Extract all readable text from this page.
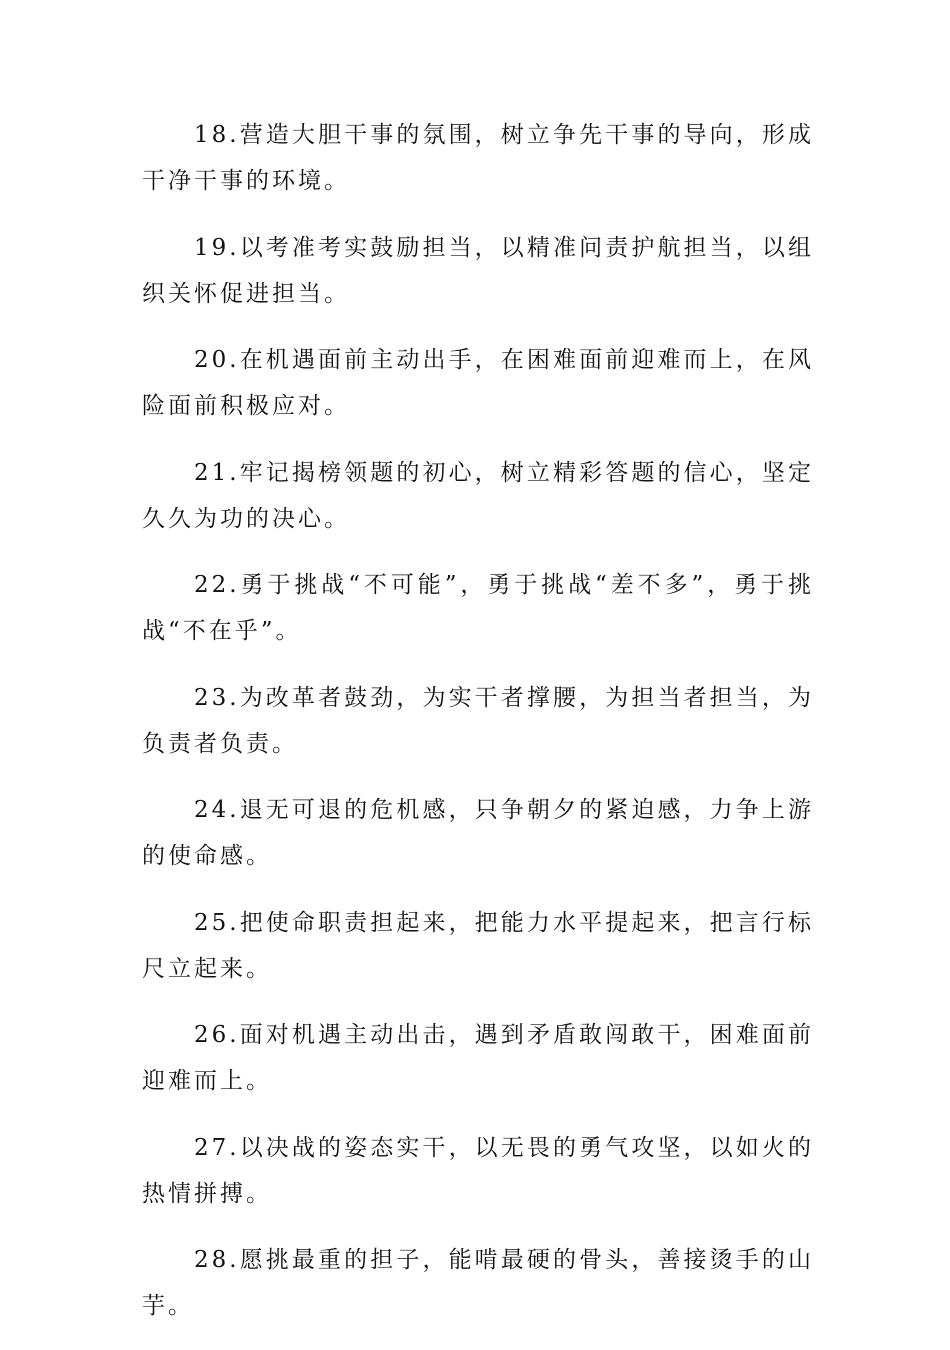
18.营造大胆干事的氛围，树立争先干事的导向，形成干净干事的环境。

19.以考准考实鼓励担当，以精准问责护航担当，以组织关怀促进担当。

20.在机遇面前主动出手，在困难面前迎难而上，在风险面前积极应对。

21.牢记揭榜领题的初心，树立精彩答题的信心，坚定久久为功的决心。

22.勇于挑战“不可能”，勇于挑战“差不多”，勇于挑战“不在乎”。

23.为改革者鼓劲，为实干者撑腰，为担当者担当，为负责者负责。

24.退无可退的危机感，只争朝夕的紧迫感，力争上游的使命感。

25.把使命职责担起来，把能力水平提起来，把言行标尺立起来。

26.面对机遇主动出击，遇到矛盾敢闯敢干，困难面前迎难而上。

27.以决战的姿态实干，以无畏的勇气攻坚，以如火的热情拼搏。

28.愿挑最重的担子，能啃最硬的骨头，善接烫手的山芋。
